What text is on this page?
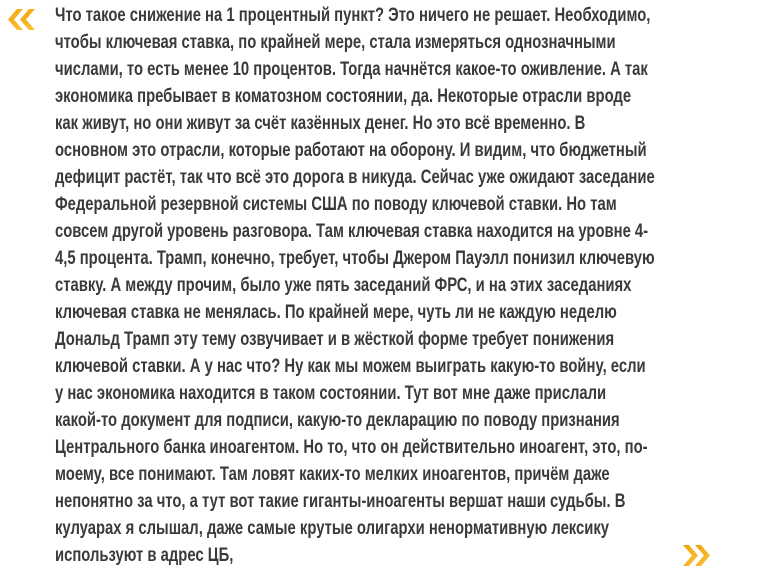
Что такое снижение на 1 процентный пункт? Это ничего не решает. Необходимо,
чтобы ключевая ставка, по крайней мере, стала измеряться однозначными
числами, то есть менее 10 процентов. Тогда начнётся какое-то оживление. А так
экономика пребывает в коматозном состоянии, да. Некоторые отрасли вроде
как живут, но они живут за счёт казённых денег. Но это всё временно. В
основном это отрасли, которые работают на оборону. И видим, что бюджетный
дефицит растёт, так что всё это дорога в никуда. Сейчас уже ожидают заседание
Федеральной резервной системы США по поводу ключевой ставки. Но там
совсем другой уровень разговора. Там ключевая ставка находится на уровне 4-
4,5 процента. Трамп, конечно, требует, чтобы Джером Пауэлл понизил ключевую
ставку. А между прочим, было уже пять заседаний ФРС, и на этих заседаниях
ключевая ставка не менялась. По крайней мере, чуть ли не каждую неделю
Дональд Трамп эту тему озвучивает и в жёсткой форме требует понижения
ключевой ставки. А у нас что? Ну как мы можем выиграть какую-то войну, если
у нас экономика находится в таком состоянии. Тут вот мне даже прислали
какой-то документ для подписи, какую-то декларацию по поводу признания
Центрального банка иноагентом. Но то, что он действительно иноагент, это, по-
моему, все понимают. Там ловят каких-то мелких иноагентов, причём даже
непонятно за что, а тут вот такие гиганты-иноагенты вершат наши судьбы. В
кулуарах я слышал, даже самые крутые олигархи ненормативную лексику
используют в адрес ЦБ,
